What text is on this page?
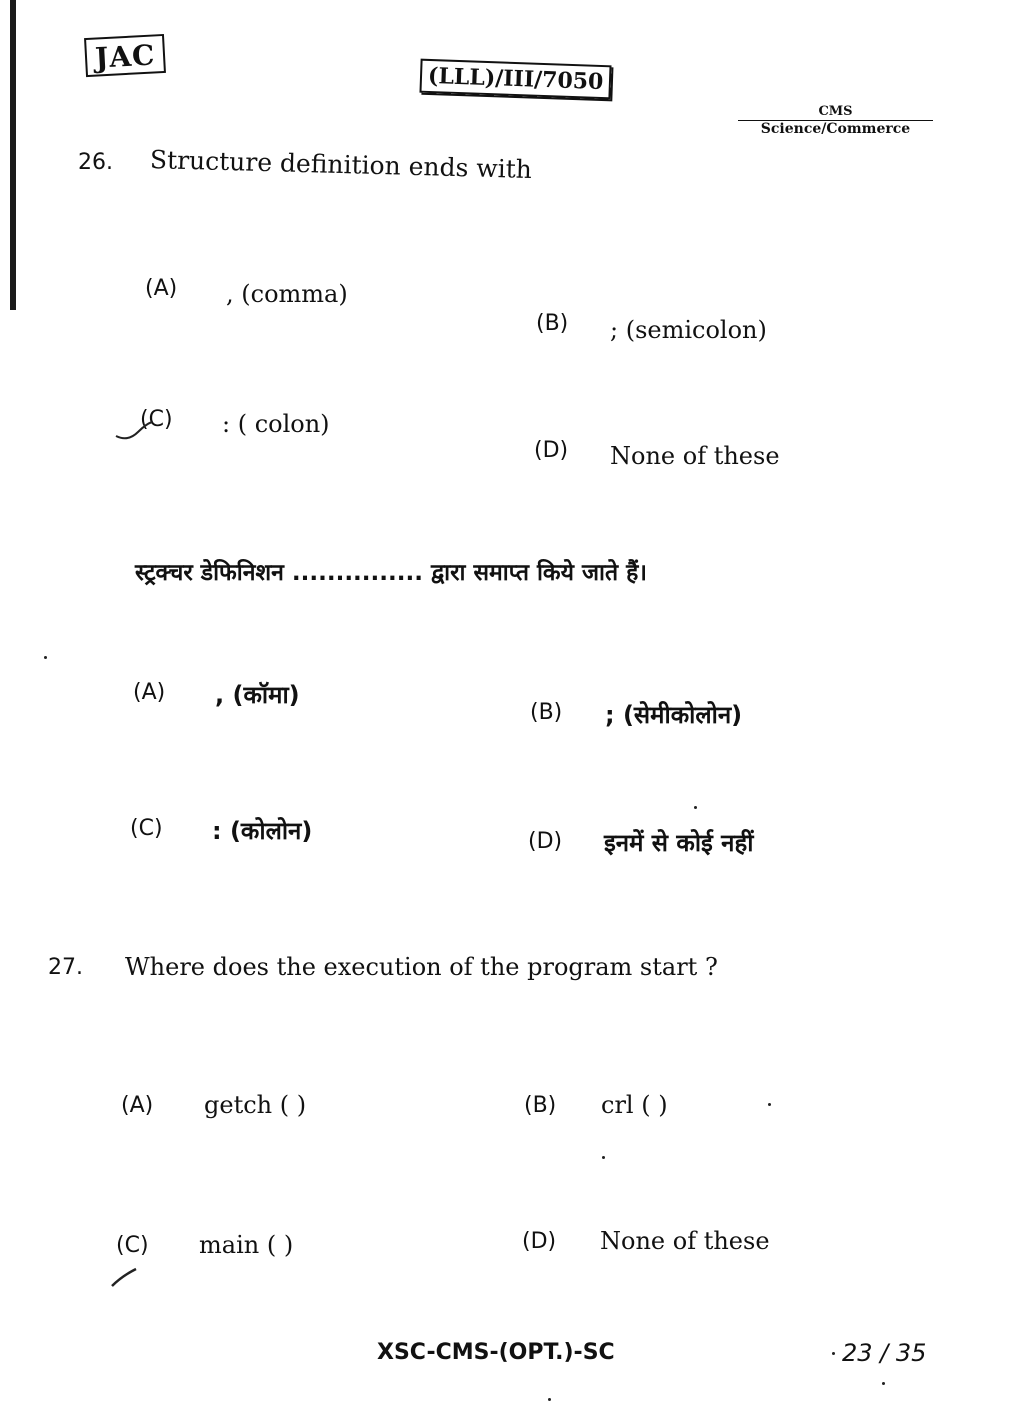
JAC
(LLL)/III/7050
CMS
Science/Commerce
26. Structure definition ends with
(A) , (comma)
(B) ; (semicolon)
(C) : ( colon)
(D) None of these
स्ट्रक्चर डेफिनिशन ............... द्वारा समाप्त किये जाते हैं।
(A) , (कॉमा)
(B) ; (सेमीकोलोन)
(C) : (कोलोन)	(D) इनमें से कोई नहीं
27. Where does the execution of the program start ?
(A) getch ( )	(B) crl ( )
(C) main ( )	(D) None of these
XSC-CMS-(OPT.)-SC	23 / 35
